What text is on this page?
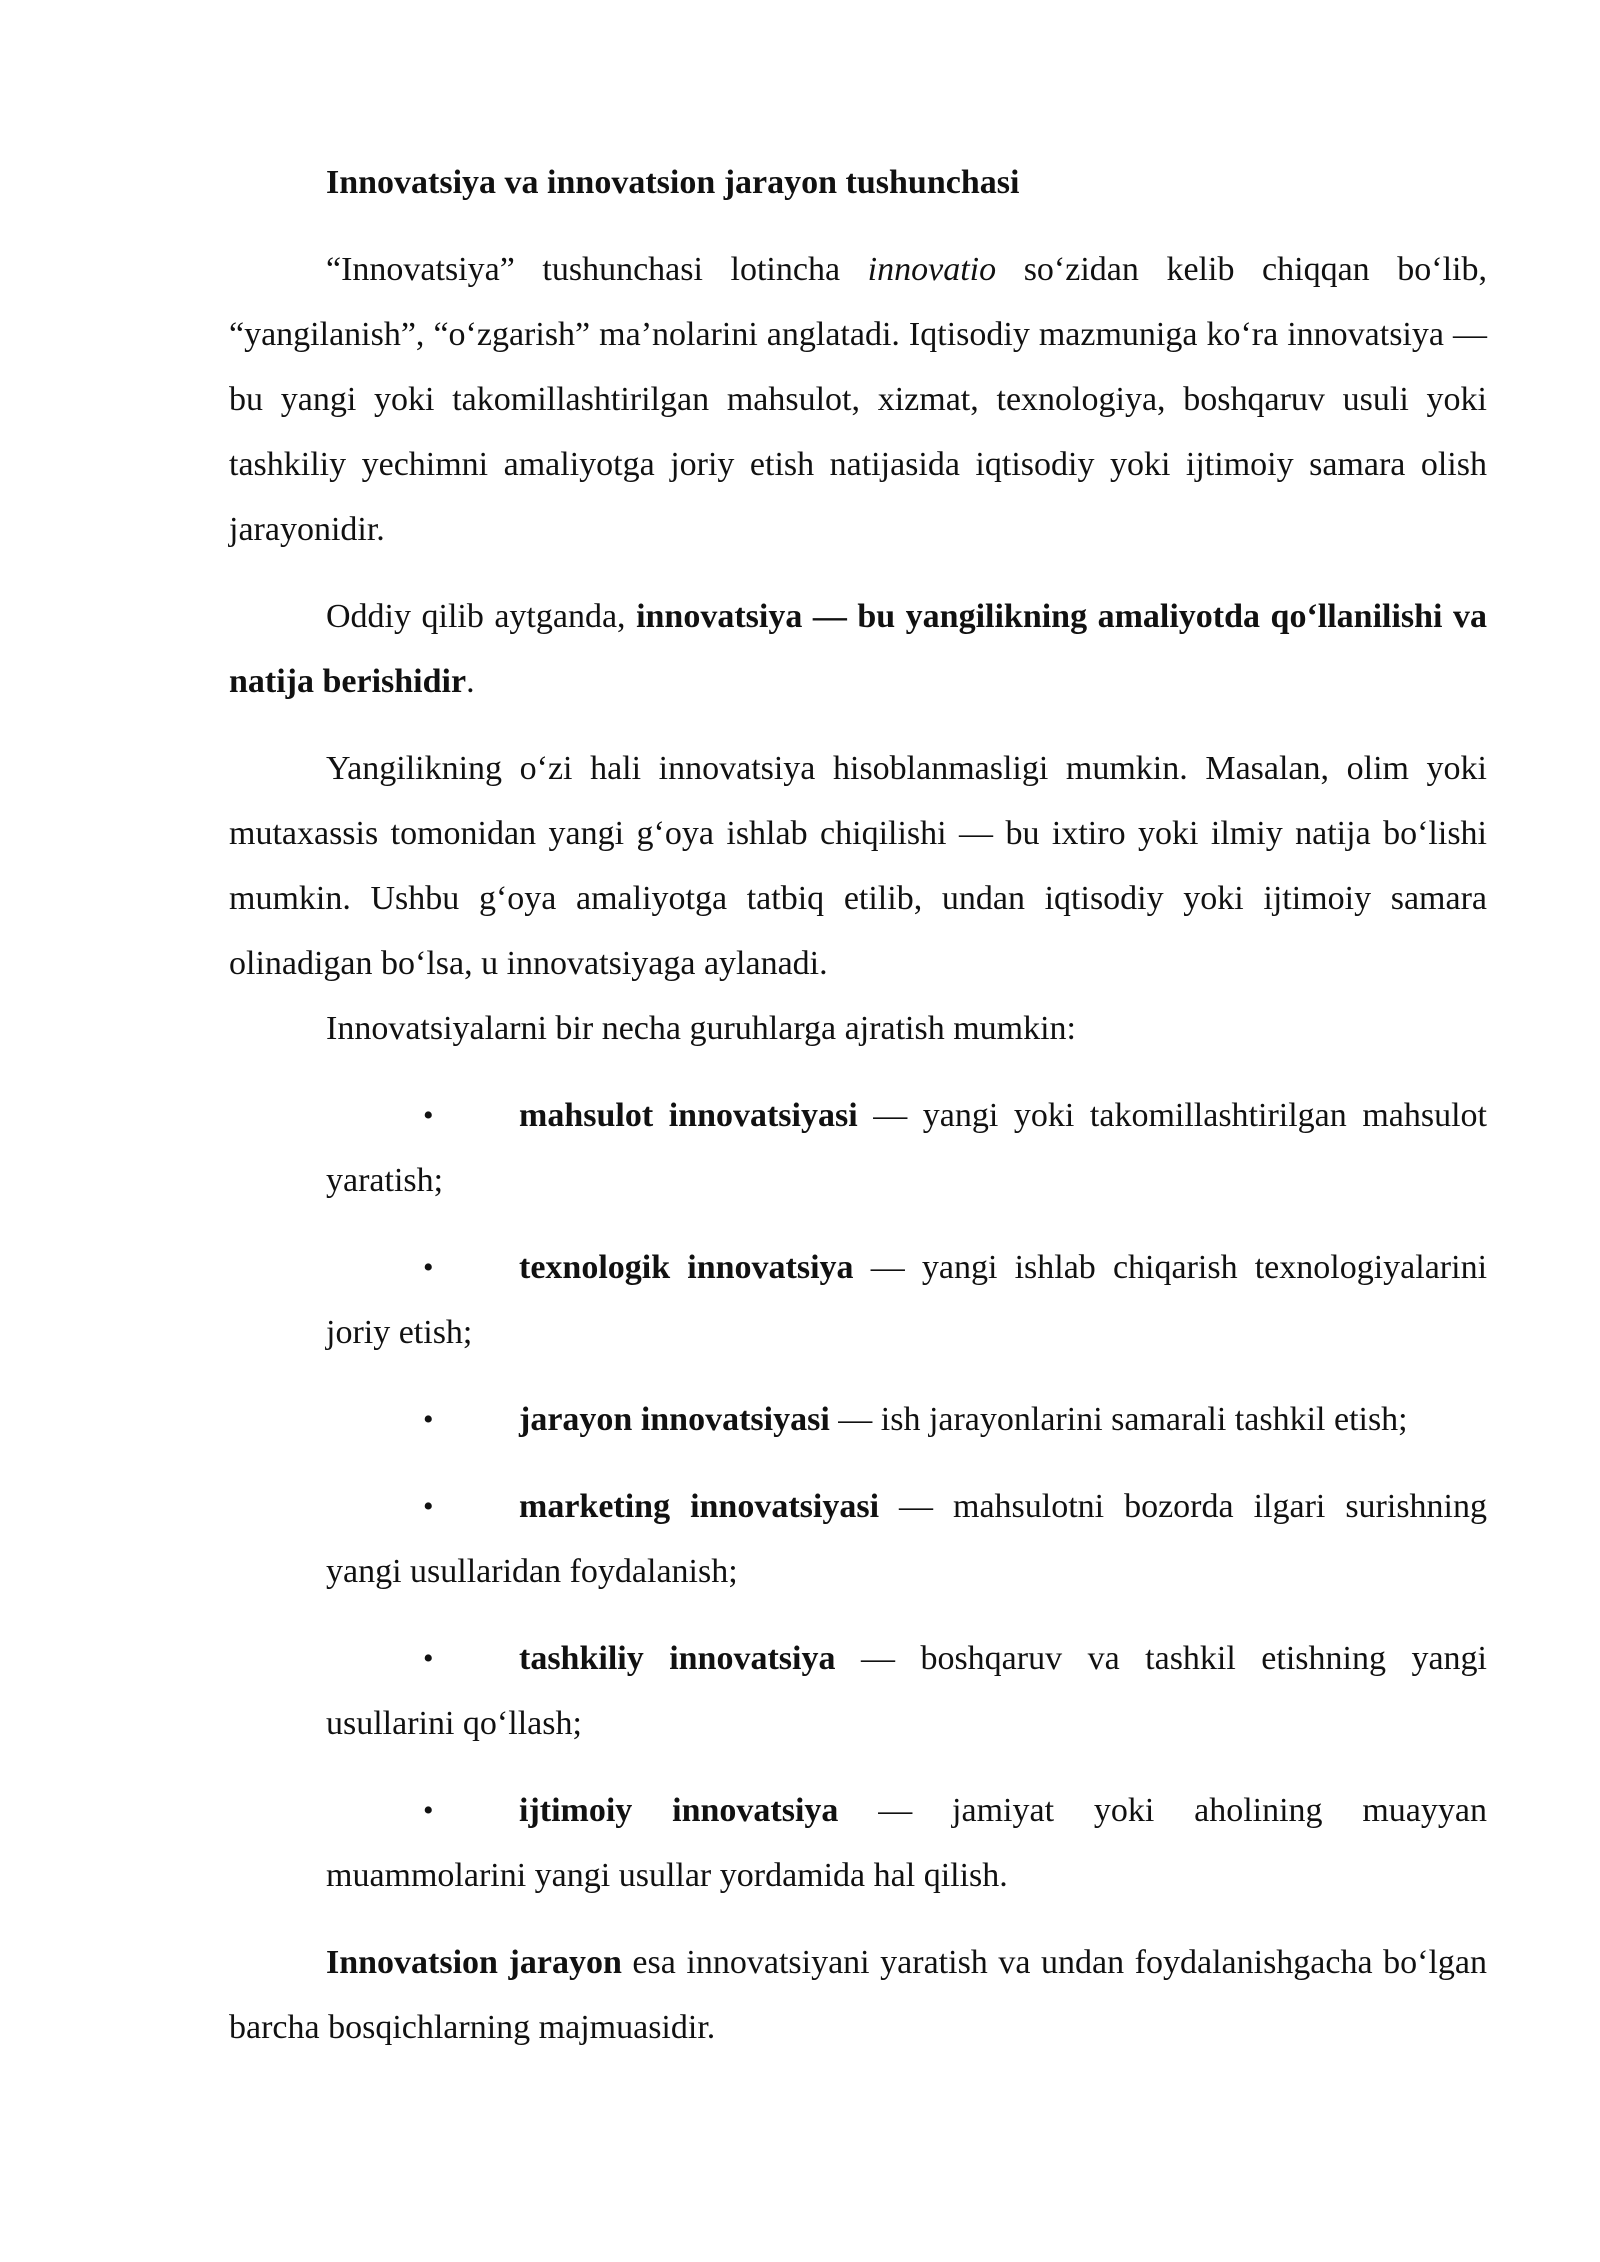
Innovatsiya va innovatsion jarayon tushunchasi

“Innovatsiya” tushunchasi lotincha innovatio so‘zidan kelib chiqqan bo‘lib, “yangilanish”, “o‘zgarish” ma’nolarini anglatadi. Iqtisodiy mazmuniga ko‘ra innovatsiya — bu yangi yoki takomillashtirilgan mahsulot, xizmat, texnologiya, boshqaruv usuli yoki tashkiliy yechimni amaliyotga joriy etish natijasida iqtisodiy yoki ijtimoiy samara olish jarayonidir.

Oddiy qilib aytganda, innovatsiya — bu yangilikning amaliyotda qo‘llanilishi va natija berishidir.

Yangilikning o‘zi hali innovatsiya hisoblanmasligi mumkin. Masalan, olim yoki mutaxassis tomonidan yangi g‘oya ishlab chiqilishi — bu ixtiro yoki ilmiy natija bo‘lishi mumkin. Ushbu g‘oya amaliyotga tatbiq etilib, undan iqtisodiy yoki ijtimoiy samara olinadigan bo‘lsa, u innovatsiyaga aylanadi.

Innovatsiyalarni bir necha guruhlarga ajratish mumkin:

•	mahsulot innovatsiyasi — yangi yoki takomillashtirilgan mahsulot yaratish;
•	texnologik innovatsiya — yangi ishlab chiqarish texnologiyalarini joriy etish;
•	jarayon innovatsiyasi — ish jarayonlarini samarali tashkil etish;
•	marketing innovatsiyasi — mahsulotni bozorda ilgari surishning yangi usullaridan foydalanish;
•	tashkiliy innovatsiya — boshqaruv va tashkil etishning yangi usullarini qo‘llash;
•	ijtimoiy innovatsiya — jamiyat yoki aholining muayyan muammolarini yangi usullar yordamida hal qilish.

Innovatsion jarayon esa innovatsiyani yaratish va undan foydalanishgacha bo‘lgan barcha bosqichlarning majmuasidir.
